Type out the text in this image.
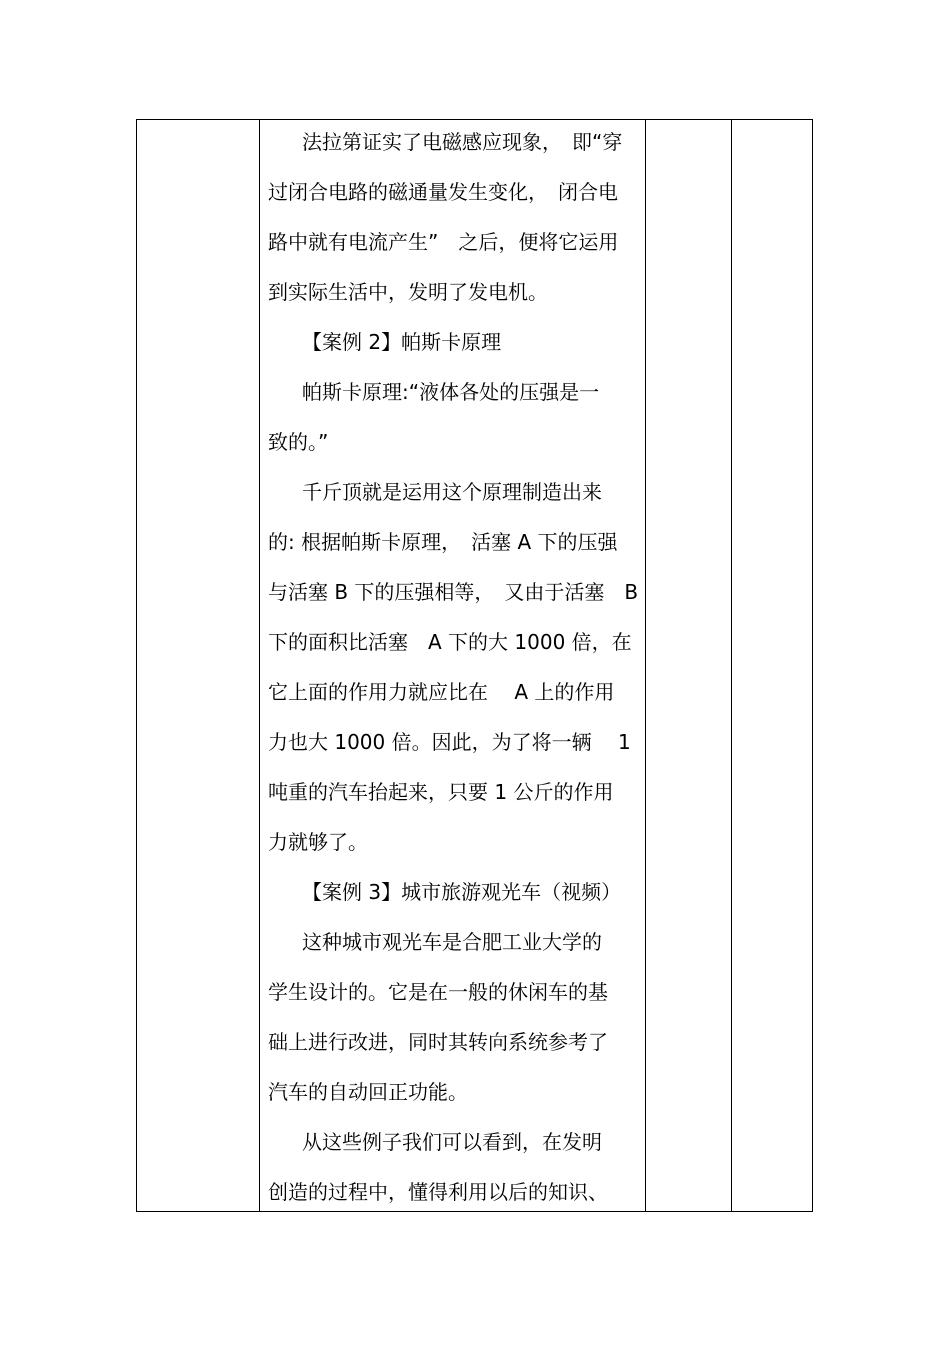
法拉第证实了电磁感应现象，　即“穿
过闭合电路的磁通量发生变化，　闭合电
路中就有电流产生”　之后，便将它运用
到实际生活中，发明了发电机。
【案例 2】帕斯卡原理
帕斯卡原理:“液体各处的压强是一
致的。”
千斤顶就是运用这个原理制造出来
的: 根据帕斯卡原理，　活塞 A 下的压强
与活塞 B 下的压强相等，　又由于活塞　B
下的面积比活塞　A 下的大 1000 倍，在
它上面的作用力就应比在　 A 上的作用
力也大 1000 倍。因此，为了将一辆　 1
吨重的汽车抬起来，只要 1 公斤的作用
力就够了。
【案例 3】城市旅游观光车（视频）
这种城市观光车是合肥工业大学的
学生设计的。它是在一般的休闲车的基
础上进行改进，同时其转向系统参考了
汽车的自动回正功能。
从这些例子我们可以看到，在发明
创造的过程中，懂得利用以后的知识、
